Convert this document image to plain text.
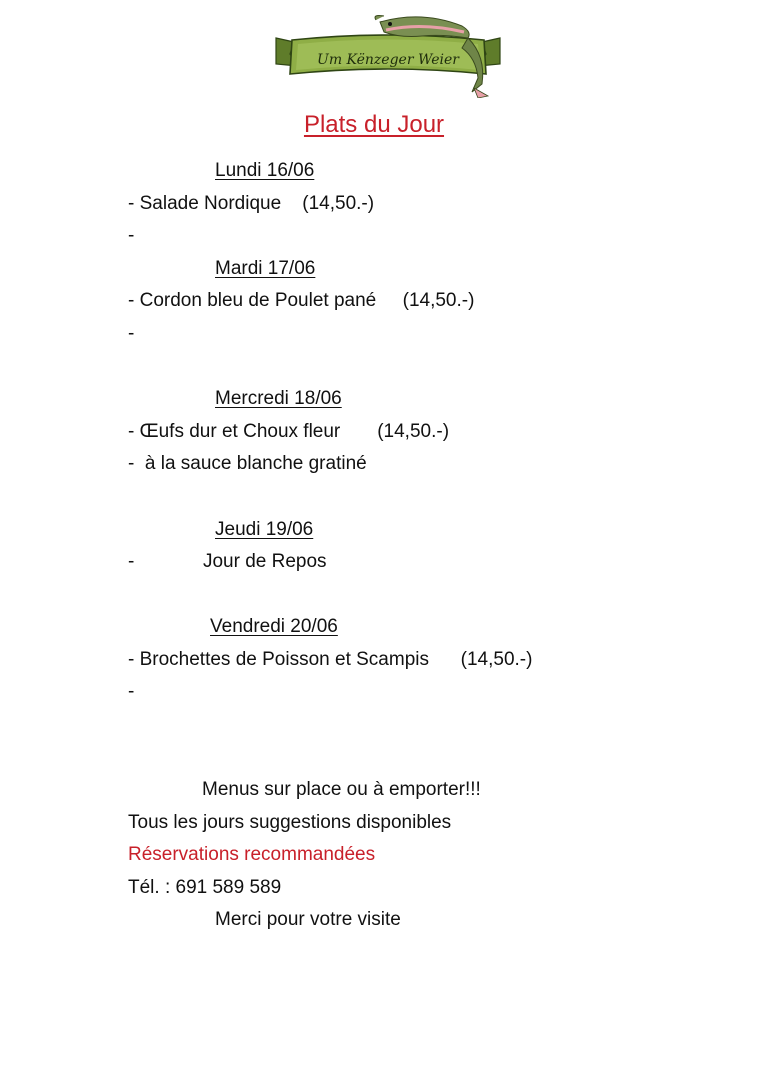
Um Kënzeger Weier
Plats du Jour
Lundi 16/06
- Salade Nordique    (14,50.-)
-
Mardi 17/06
- Cordon bleu de Poulet pané     (14,50.-)
-
Mercredi 18/06
- Œufs dur et Choux fleur       (14,50.-)
-  à la sauce blanche gratiné
Jeudi 19/06
-             Jour de Repos
Vendredi 20/06
- Brochettes de Poisson et Scampis      (14,50.-)
-
Menus sur place ou à emporter!!!
Tous les jours suggestions disponibles
Réservations recommandées
Tél. : 691 589 589
Merci pour votre visite
